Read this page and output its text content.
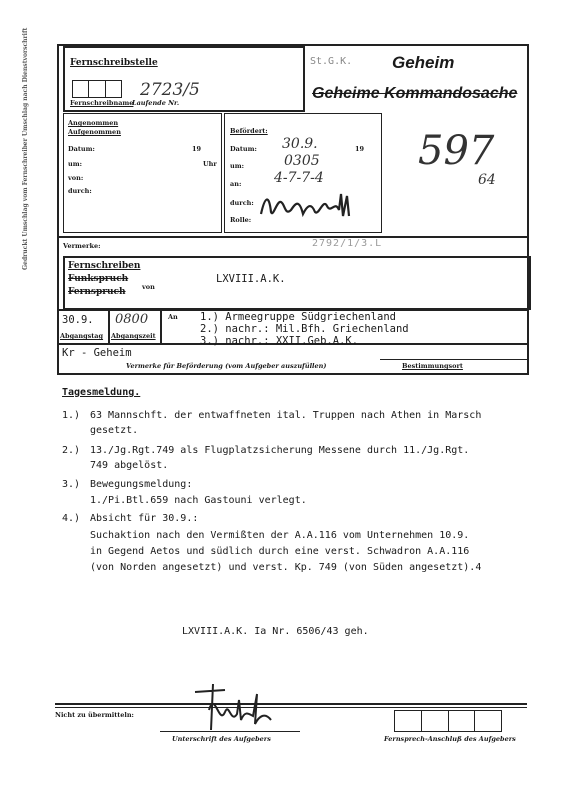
Gedruckt Umschlag vom Fernschreiber Umschlag nach Dienstvorschrift	Fernschreibstelle
2723/5
Fernschreibname
Laufende Nr.
St.G.K. Geheim
Geheime Kommandosache
Angenommen
Aufgenommen
Datum:	19
um:	Uhr
von:
durch:
Befördert:
Datum: 30.9.	19
um:	0305
an: 4-7-7-4
durch:
Rolle:
597
64
Vermerke:	2792/1/3.L
Fernschreiben
Funkspruch
Fernspruch	von
LXVIII.A.K.
30.9. 0800
Abgangstag Abgangszeit
An 1.) Armeegruppe Südgriechenland
2.) nachr.: Mil.Bfh. Griechenland
3.) nachr.: XXII.Geb.A.K.
Kr - Geheim
Vermerke für Beförderung (vom Aufgeber auszufüllen)	Bestimmungsort
Tagesmeldung.
1.) 63 Mannschft. der entwaffneten ital. Truppen nach Athen in Marsch
gesetzt.
2.) 13./Jg.Rgt.749 als Flugplatzsicherung Messene durch 11./Jg.Rgt.
749 abgelöst.
3.) Bewegungsmeldung:
1./Pi.Btl.659 nach Gastouni verlegt.
4.) Absicht für 30.9.:
Suchaktion nach den Vermißten der A.A.116 vom Unternehmen 10.9.
in Gegend Aetos und südlich durch eine verst. Schwadron A.A.116
(von Norden angesetzt) und verst. Kp. 749 (von Süden angesetzt).4
LXVIII.A.K. Ia Nr. 6506/43 geh.
Nicht zu übermitteln:
Unterschrift des Aufgebers	Fernsprech-Anschluß des Aufgebers
